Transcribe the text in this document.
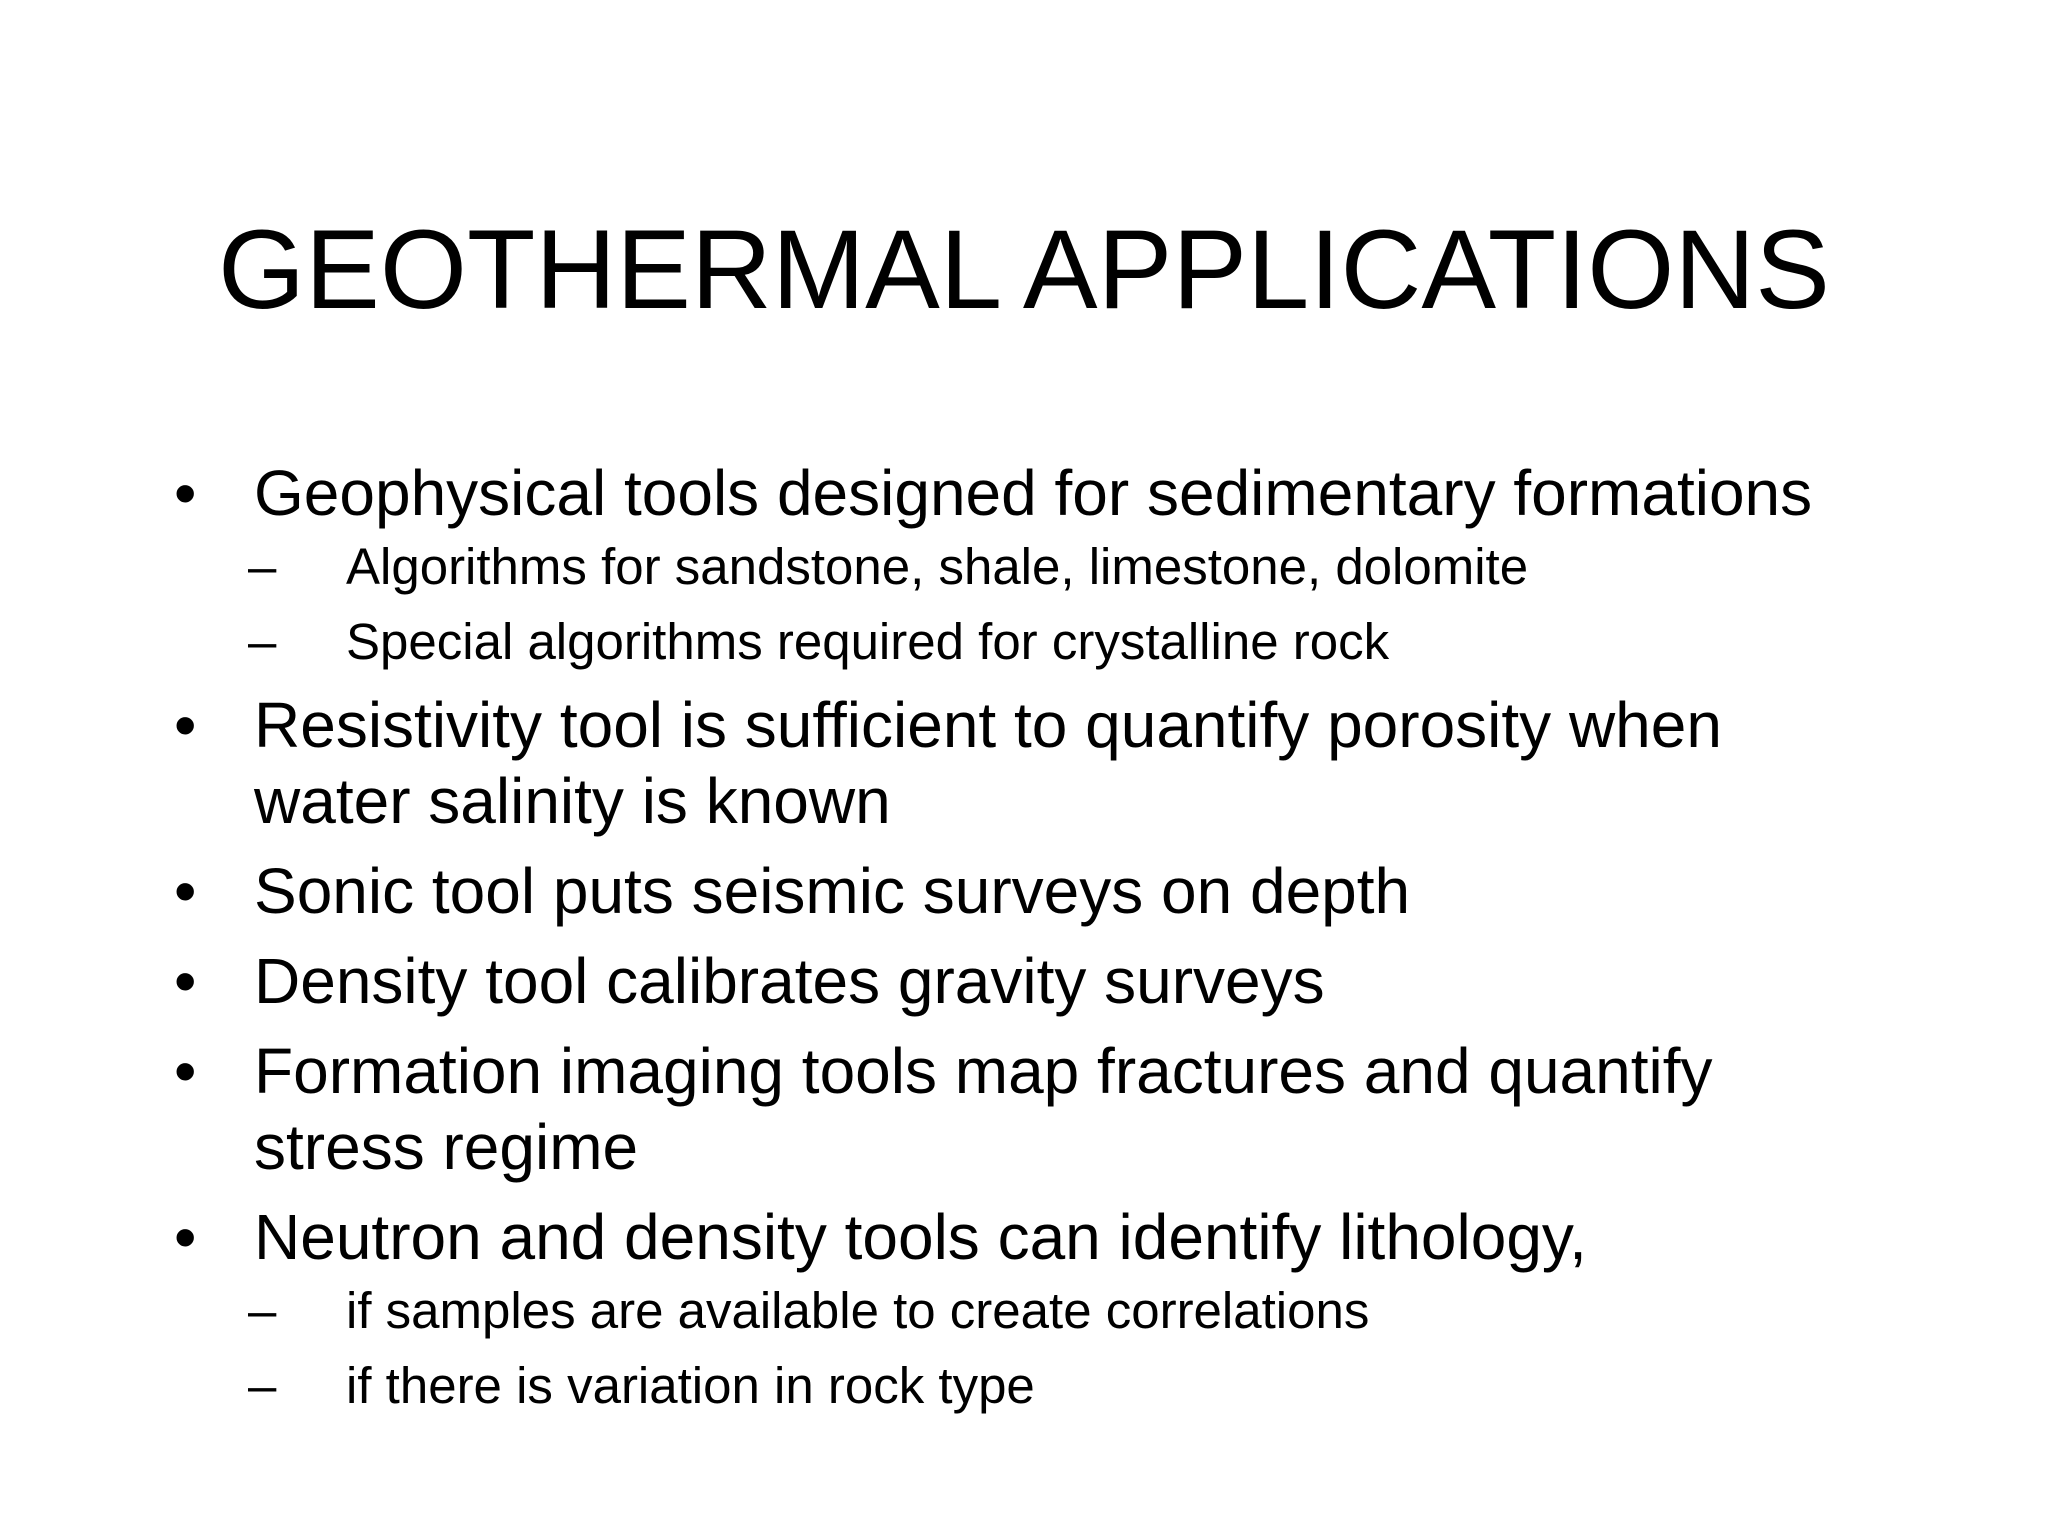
GEOTHERMAL APPLICATIONS
• Geophysical tools designed for sedimentary formations
–	Algorithms for sandstone, shale, limestone, dolomite
–	Special algorithms required for crystalline rock
• Resistivity tool is sufficient to quantify porosity when water salinity is known
• Sonic tool puts seismic surveys on depth
• Density tool calibrates gravity surveys
• Formation imaging tools map fractures and quantify stress regime
• Neutron and density tools can identify lithology,
–	if samples are available to create correlations
–	if there is variation in rock type
